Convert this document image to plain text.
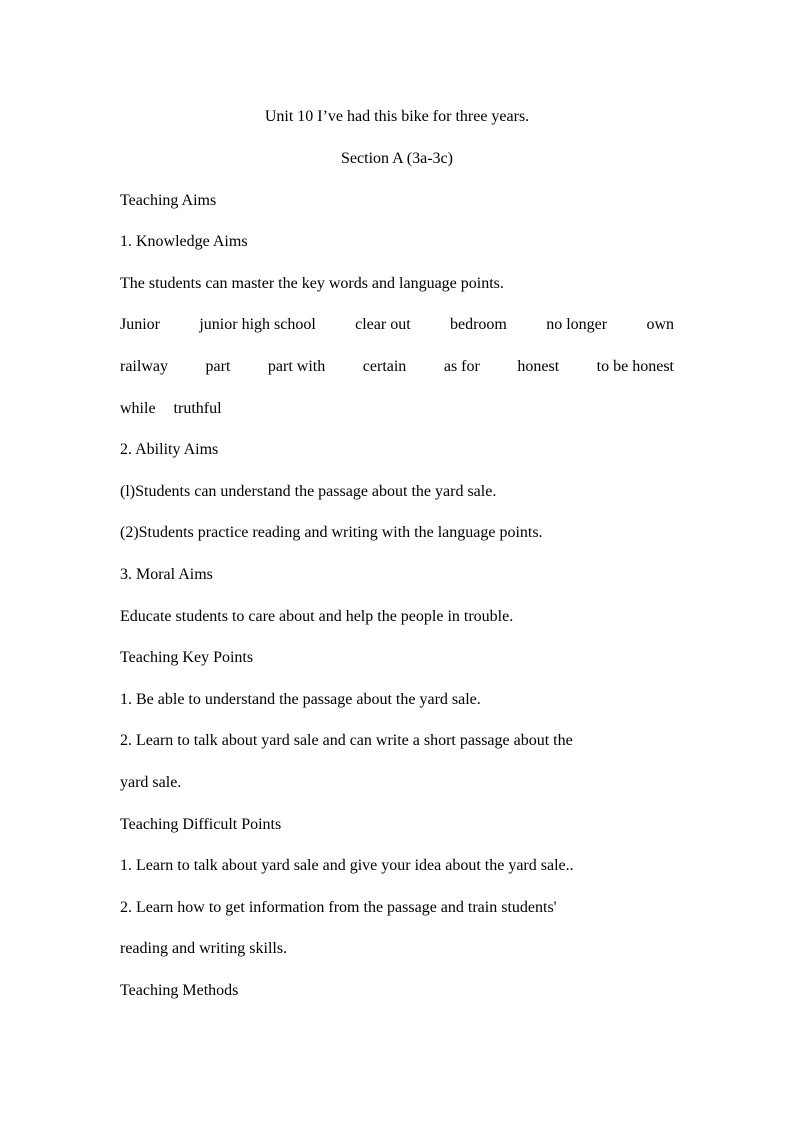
Unit 10 I’ve had this bike for three years.
Section A (3a-3c)
Teaching Aims
1. Knowledge Aims
The students can master the key words and language points.
Junior junior high school clear out bedroom no longer own
railway part part with certain as for honest to be honest
while truthful
2. Ability Aims
(l)Students can understand the passage about the yard sale.
(2)Students practice reading and writing with the language points.
3. Moral Aims
Educate students to care about and help the people in trouble.
Teaching Key Points
1. Be able to understand the passage about the yard sale.
2. Learn to talk about yard sale and can write a short passage about the
yard sale.
Teaching Difficult Points
1. Learn to talk about yard sale and give your idea about the yard sale..
2. Learn how to get information from the passage and train students'
reading and writing skills.
Teaching Methods
